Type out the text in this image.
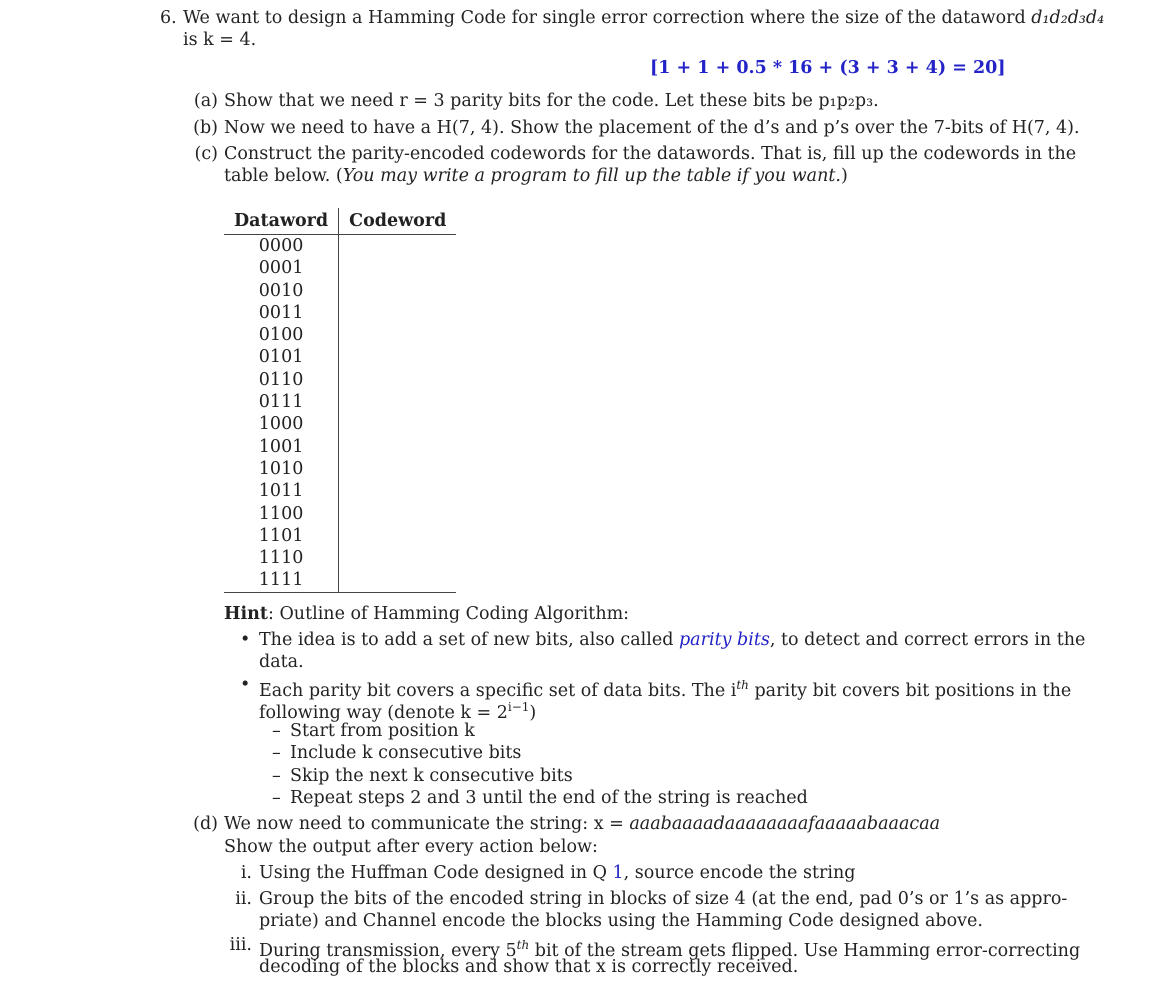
6. We want to design a Hamming Code for single error correction where the size of the dataword d₁d₂d₃d₄
is k = 4.
[1 + 1 + 0.5 * 16 + (3 + 3 + 4) = 20]
(a) Show that we need r = 3 parity bits for the code. Let these bits be p₁p₂p₃.
(b) Now we need to have a H(7, 4). Show the placement of the d’s and p’s over the 7-bits of H(7, 4).
(c) Construct the parity-encoded codewords for the datawords. That is, fill up the codewords in the
table below. (You may write a program to fill up the table if you want.)
Dataword	Codeword
0000	
0001	
0010	
0011	
0100	
0101	
0110	
0111	
1000	
1001	
1010	
1011	
1100	
1101	
1110	
1111	
Hint: Outline of Hamming Coding Algorithm:
• The idea is to add a set of new bits, also called parity bits, to detect and correct errors in the
data.
• Each parity bit covers a specific set of data bits. The $i^{th}$ parity bit covers bit positions in the
following way (denote $k = 2^{i-1}$)
– Start from position k
– Include k consecutive bits
– Skip the next k consecutive bits
– Repeat steps 2 and 3 until the end of the string is reached
(d) We now need to communicate the string: x = aaabaaaadaaaaaaaafaaaaabaaacaa
Show the output after every action below:
i. Using the Huffman Code designed in Q 1, source encode the string
ii. Group the bits of the encoded string in blocks of size 4 (at the end, pad 0’s or 1’s as appro-
priate) and Channel encode the blocks using the Hamming Code designed above.
iii. During transmission, every 5th bit of the stream gets flipped. Use Hamming error-correcting
decoding of the blocks and show that x is correctly received.
